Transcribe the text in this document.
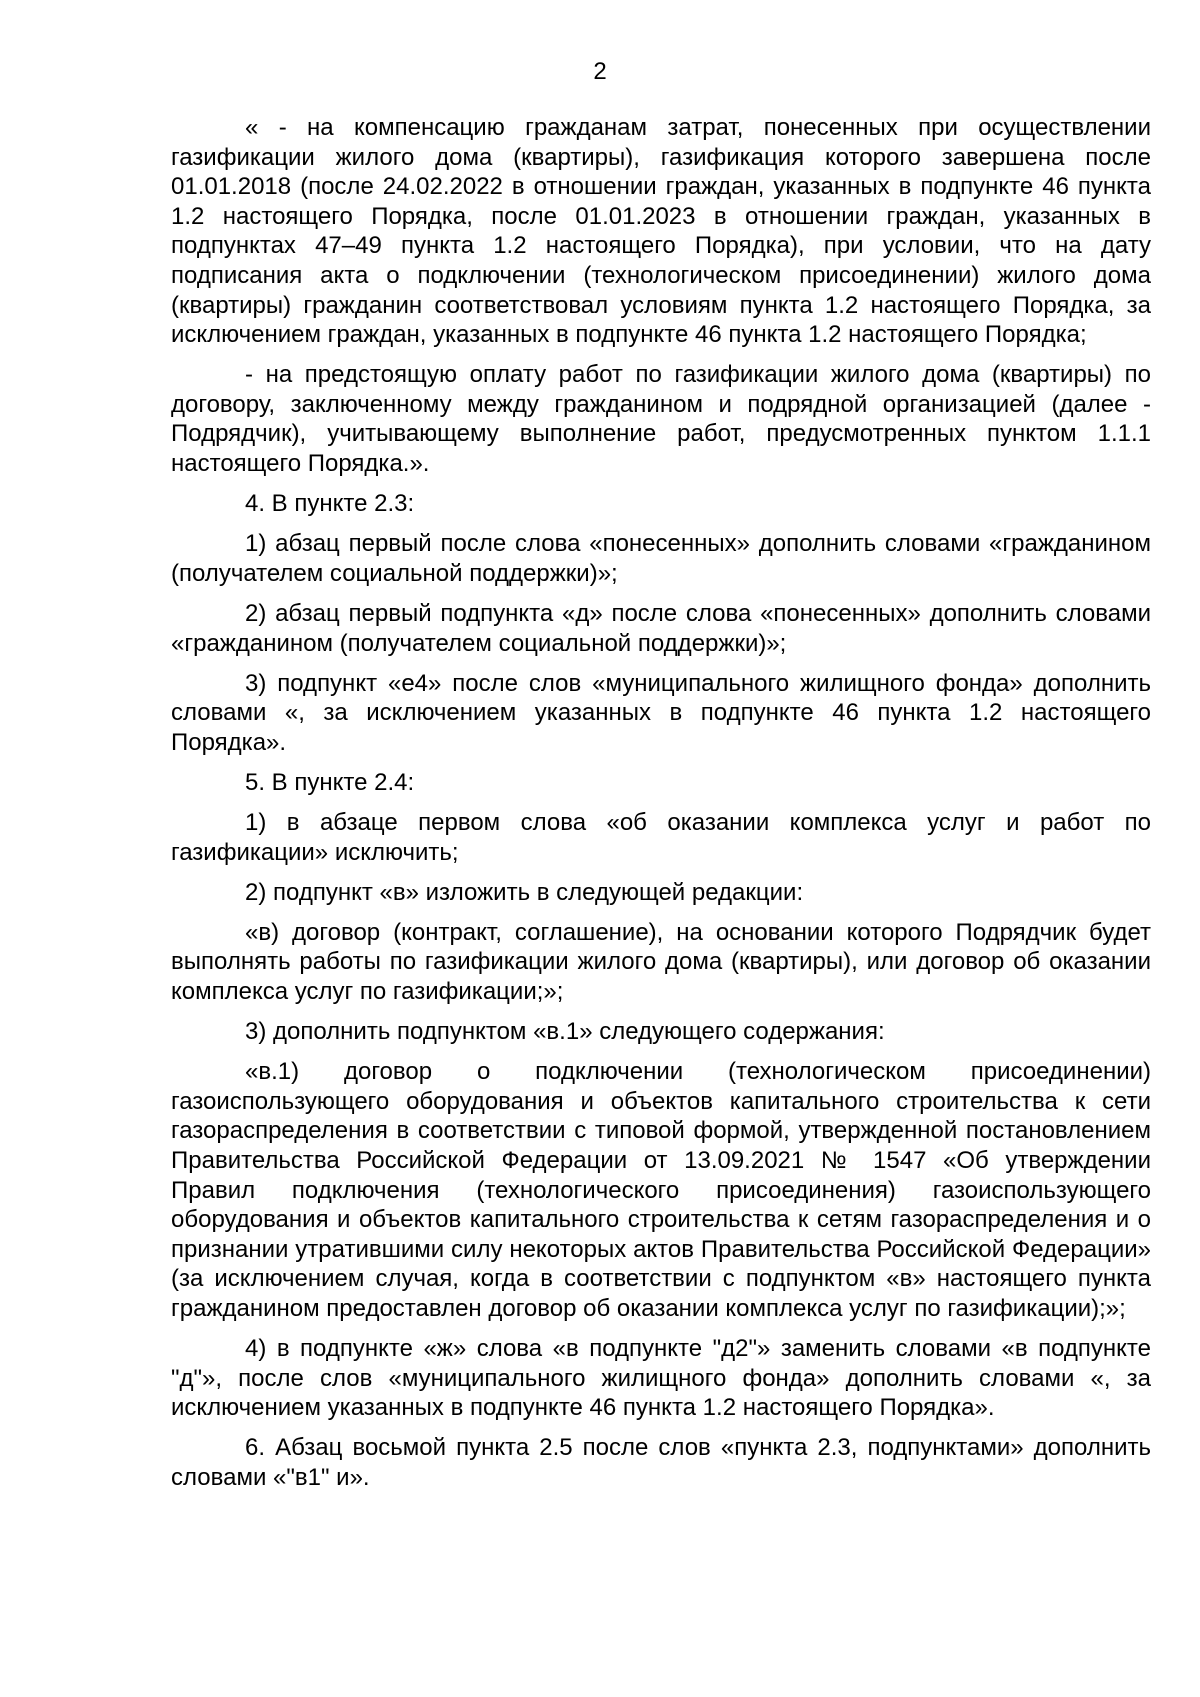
2

« - на компенсацию гражданам затрат, понесенных при осуществлении газификации жилого дома (квартиры), газификация которого завершена после 01.01.2018 (после 24.02.2022 в отношении граждан, указанных в подпункте 46 пункта 1.2 настоящего Порядка, после 01.01.2023 в отношении граждан, указанных в подпунктах 47–49 пункта 1.2 настоящего Порядка), при условии, что на дату подписания акта о подключении (технологическом присоединении) жилого дома (квартиры) гражданин соответствовал условиям пункта 1.2 настоящего Порядка, за исключением граждан, указанных в подпункте 46 пункта 1.2 настоящего Порядка;

- на предстоящую оплату работ по газификации жилого дома (квартиры) по договору, заключенному между гражданином и подрядной организацией (далее - Подрядчик), учитывающему выполнение работ, предусмотренных пунктом 1.1.1 настоящего Порядка.».

4. В пункте 2.3:

1) абзац первый после слова «понесенных» дополнить словами «гражданином (получателем социальной поддержки)»;

2) абзац первый подпункта «д» после слова «понесенных» дополнить словами «гражданином (получателем социальной поддержки)»;

3) подпункт «е4» после слов «муниципального жилищного фонда» дополнить словами «, за исключением указанных в подпункте 46 пункта 1.2 настоящего Порядка».

5. В пункте 2.4:

1) в абзаце первом слова «об оказании комплекса услуг и работ по газификации» исключить;

2) подпункт «в» изложить в следующей редакции:

«в) договор (контракт, соглашение), на основании которого Подрядчик будет выполнять работы по газификации жилого дома (квартиры), или договор об оказании комплекса услуг по газификации;»;

3) дополнить подпунктом «в.1» следующего содержания:

«в.1) договор о подключении (технологическом присоединении) газоиспользующего оборудования и объектов капитального строительства к сети газораспределения в соответствии с типовой формой, утвержденной постановлением Правительства Российской Федерации от 13.09.2021 № 1547 «Об утверждении Правил подключения (технологического присоединения) газоиспользующего оборудования и объектов капитального строительства к сетям газораспределения и о признании утратившими силу некоторых актов Правительства Российской Федерации» (за исключением случая, когда в соответствии с подпунктом «в» настоящего пункта гражданином предоставлен договор об оказании комплекса услуг по газификации);»;

4) в подпункте «ж» слова «в подпункте "д2"» заменить словами «в подпункте "д"», после слов «муниципального жилищного фонда» дополнить словами «, за исключением указанных в подпункте 46 пункта 1.2 настоящего Порядка».

6. Абзац восьмой пункта 2.5 после слов «пункта 2.3, подпунктами» дополнить словами «"в1" и».
